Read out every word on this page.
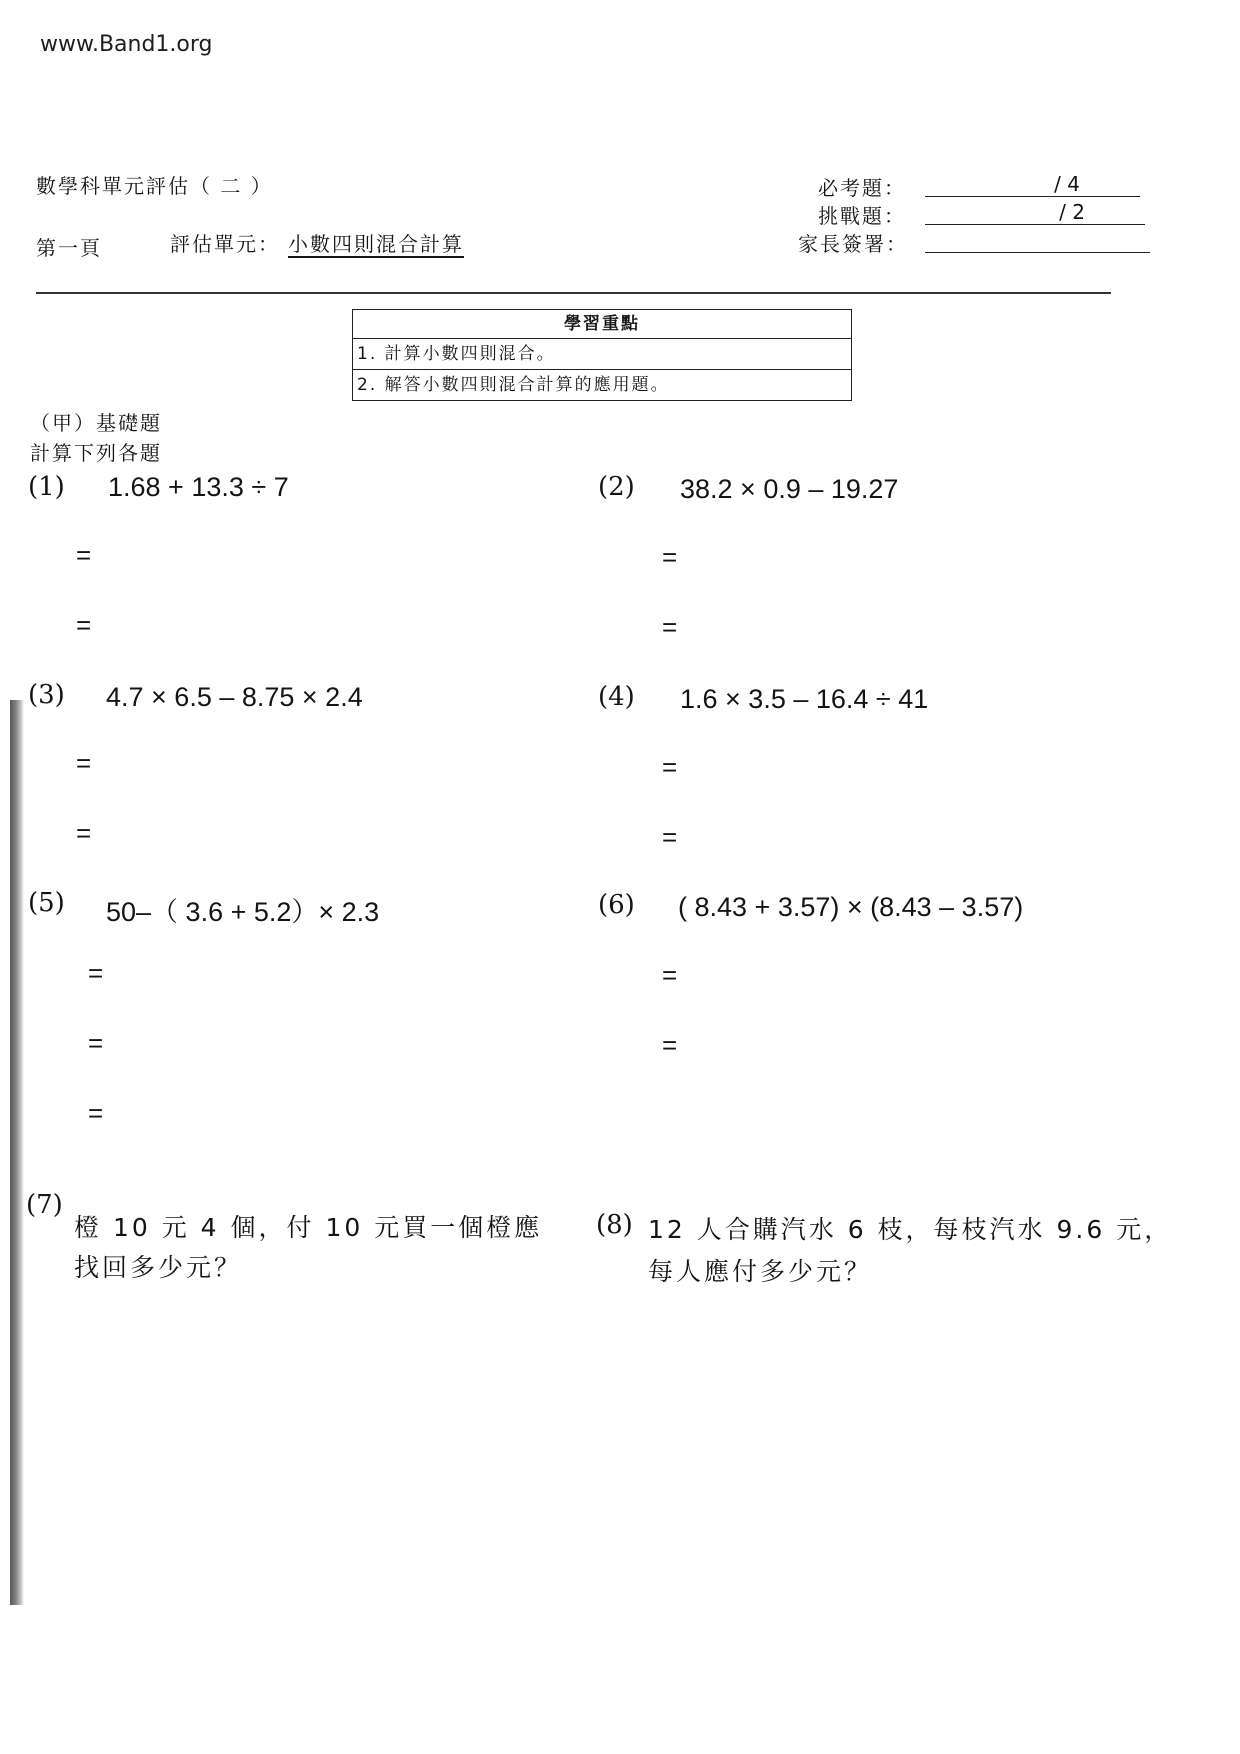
www.Band1.org
數學科單元評估（ 二 ）
第一頁	評估單元： 小數四則混合計算
必考題：	/ 4
挑戰題：	/ 2
家長簽署：
學習重點
1. 計算小數四則混合。
2. 解答小數四則混合計算的應用題。
（甲）基礎題
計算下列各題
(1) 1.68 + 13.3 ÷ 7
=
=
(2) 38.2 × 0.9 – 19.27
=
=
(3) 4.7 × 6.5 – 8.75 × 2.4
=
=
(4) 1.6 × 3.5 – 16.4 ÷ 41
=
=
(5) 50–（ 3.6 + 5.2）× 2.3
=
=
=
(6) ( 8.43 + 3.57) × (8.43 – 3.57)
=
=
(7)
橙 10 元 4 個，付 10 元買一個橙應
找回多少元？
(8) 12 人合購汽水 6 枝，每枝汽水 9.6 元，
每人應付多少元？
